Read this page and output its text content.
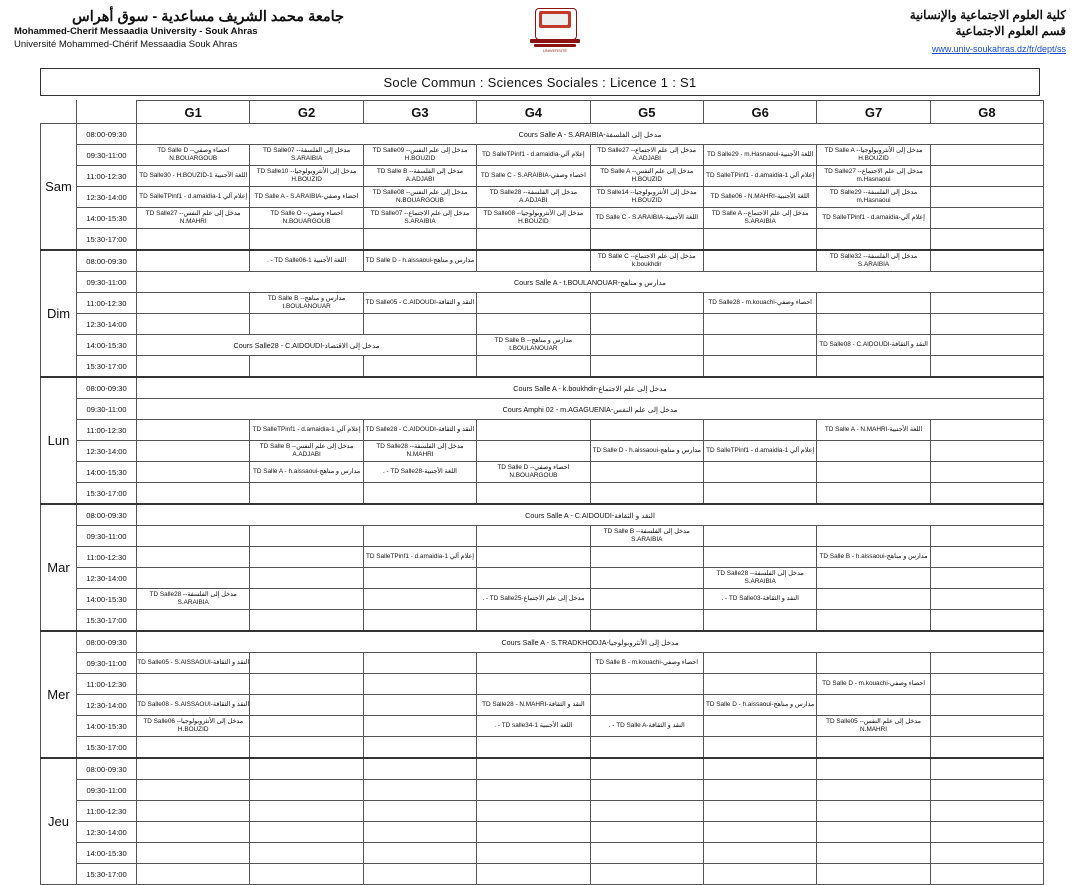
جامعة محمد الشريف مساعدية - سوق أهراس
Mohammed-Cherif Messaadia University - Souk Ahras
Université Mohammed-Chérif Messaadia Souk Ahras
UNIVERSITÉ
كلية العلوم الاجتماعية والإنسانية
قسم العلوم الاجتماعية
www.univ-soukahras.dz/fr/dept/ss
Socle Commun : Sciences Sociales : Licence 1 : S1
		G1	G2	G3	G4	G5	G6	G7	G8
Sam	08:00-09:30	مدخل إلى الفلسفة-Cours Salle A - S.ARAIBIA							
	09:30-11:00	احصاء وصفي-TD Salle D - N.BOUARGOUB	مدخل إلى الفلسفة-TD Salle07 - S.ARAIBIA	مدخل إلى علم النفس-TD Salle09 - H.BOUZID	إعلام آلي-TD SalleTPinf1 - d.amaidia	مدخل إلى علم الاجتماع-TD Salle27 - A.ADJABI	اللغة الأجنبية-TD Salle29 - m.Hasnaoui	مدخل إلى الأنثروبولوجيا-TD Salle A - H.BOUZID	
	11:00-12:30	اللغة الأجنبية 1-TD Salle30 - H.BOUZID	مدخل إلى الأنثروبولوجيا-TD Salle10 - H.BOUZID	مدخل إلى الفلسفة-TD Salle B - A.ADJABI	احصاء وصفي-TD Salle C - S.ARAIBIA	مدخل إلى علم النفس-TD Salle A - H.BOUZID	إعلام آلي 1-TD SalleTPinf1 - d.amaidia	مدخل إلى علم الاجتماع-TD Salle27 - m.Hasnaoui	
	12:30-14:00	إعلام آلي 1-TD SalleTPinf1 - d.amaidia	احصاء وصفي-TD Salle A - S.ARAIBIA	مدخل إلى علم النفس-TD Salle08 - N.BOUARGOUB	مدخل إلى الفلسفة-TD Salle28 - A.ADJABI	مدخل إلى الأنثروبولوجيا-TD Salle14 - H.BOUZID	اللغة الأجنبية-TD Salle06 - N.MAHRI	مدخل إلى الفلسفة-TD Salle29 - m.Hasnaoui	
	14:00-15:30	مدخل إلى علم النفس-TD Salle27 - N.MAHRI	احصاء وصفي-TD Salle O - N.BOUARGOUB	مدخل إلى علم الاجتماع-TD Salle07 - S.ARAIBIA	مدخل إلى الأنثروبولوجيا-TD Salle08 - H.BOUZID	اللغة الأجنبية-TD Salle C - S.ARAIBIA	مدخل إلى علم الاجتماع-TD Salle A - S.ARAIBIA	إعلام آلي-TD SalleTPinf1 - d.amaidia	
	15:30-17:00								
Dim	08:00-09:30		اللغة الأجنبية 1-TD Salle06 - .	مدارس و مناهج-TD Salle D - h.aissaoui		مدخل إلى علم الاجتماع-TD Salle C - k.boukhdir		مدخل إلى الفلسفة-TD Salle32 - S.ARAIBIA	
	09:30-11:00	مدارس و مناهج-Cours Salle A - t.BOULANOUAR							
	11:00-12:30		مدارس و مناهج-TD Salle B - t.BOULANOUAR	النقد و الثقافة-TD Salle05 - C.AIDOUDI			احصاء وصفي-TD Salle28 - m.kouachi		
	12:30-14:00								
	14:00-15:30	مدخل إلى الاقتصاد-Cours Salle28 - C.AIDOUDI			مدارس و مناهج-TD Salle B - t.BOULANOUAR			النقد و الثقافة-TD Salle08 - C.AIDOUDI	
	15:30-17:00								
Lun	08:00-09:30	مدخل إلى علم الاجتماع-Cours Salle A - k.boukhdir							
	09:30-11:00	مدخل إلى علم النفس-Cours Amphi 02 - m.AGAGUENIA							
	11:00-12:30		إعلام آلي 1-TD SalleTPinf1 - d.amaidia	النقد و الثقافة-TD Salle28 - C.AIDOUDI				اللغة الأجنبية-TD Salle A - N.MAHRI	
	12:30-14:00		مدخل إلى علم النفس-TD Salle B - A.ADJABI	مدخل إلى الفلسفة-TD Salle28 - N.MAHRI		مدارس و مناهج-TD Salle D - h.aissaoui	إعلام آلي 1-TD SalleTPinf1 - d.amaidia		
	14:00-15:30		مدارس و مناهج-TD Salle A - h.aissaoui	اللغة الأجنبية-TD Salle28 - .	احصاء وصفي-TD Salle D - N.BOUARGOUB				
	15:30-17:00								
Mar	08:00-09:30	النقد و الثقافة-Cours Salle A - C.AIDOUDI							
	09:30-11:00					مدخل إلى الفلسفة-TD Salle B - S.ARAIBIA			
	11:00-12:30			إعلام آلي 1-TD SalleTPinf1 - d.amaidia				مدارس و مناهج-TD Salle B - h.aissaoui	
	12:30-14:00						مدخل إلى الفلسفة-TD Salle28 - S.ARAIBIA		
	14:00-15:30	مدخل إلى الفلسفة-TD Salle28 - S.ARAIBIA			مدخل إلى علم الاجتماع-TD Salle25 - .		النقد و الثقافة-TD Salle03 - .		
	15:30-17:00								
Mer	08:00-09:30	مدخل إلى الأنثروبولوجيا-Cours Salle A - S.TRADKHODJA							
	09:30-11:00	النقد و الثقافة-TD Salle05 - S.AISSAOUI				احصاء وصفي-TD Salle B - m.kouachi			
	11:00-12:30							احصاء وصفي-TD Salle D - m.kouachi	
	12:30-14:00	النقد و الثقافة-TD Salle08 - S.AISSAOUI			النقد و الثقافة-TD Salle28 - N.MAHRI		مدارس و مناهج-TD Salle D - h.aissaoui		
	14:00-15:30	مدخل إلى الأنثروبولوجيا-TD Salle06 - H.BOUZID			اللغة الأجنبية 1-TD salle34 - .	النقد و الثقافة-TD Salle A - .		مدخل إلى علم النفس-TD Salle05 - N.MAHRI	
	15:30-17:00								
Jeu	08:00-09:30								
	09:30-11:00								
	11:00-12:30								
	12:30-14:00								
	14:00-15:30								
	15:30-17:00								
